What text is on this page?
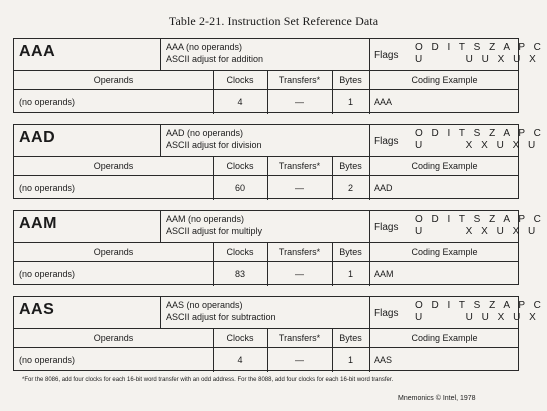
Table 2-21. Instruction Set Reference Data
AAA	AAA (no operands)
ASCII adjust for addition	Flags
O D I T S Z A P C
U       U U X U X
Operands	Clocks	Transfers*	Bytes	Coding Example
(no operands)	4	—	1	AAA
AAD	AAD (no operands)
ASCII adjust for division	Flags
O D I T S Z A P C
U       X X U X U
Operands	Clocks	Transfers*	Bytes	Coding Example
(no operands)	60	—	2	AAD
AAM	AAM (no operands)
ASCII adjust for multiply	Flags
O D I T S Z A P C
U       X X U X U
Operands	Clocks	Transfers*	Bytes	Coding Example
(no operands)	83	—	1	AAM
AAS	AAS (no operands)
ASCII adjust for subtraction	Flags
O D I T S Z A P C
U       U U X U X
Operands	Clocks	Transfers*	Bytes	Coding Example
(no operands)	4	—	1	AAS
*For the 8086, add four clocks for each 16-bit word transfer with an odd address. For the 8088, add four clocks for each 16-bit word transfer.
Mnemonics © Intel, 1978
